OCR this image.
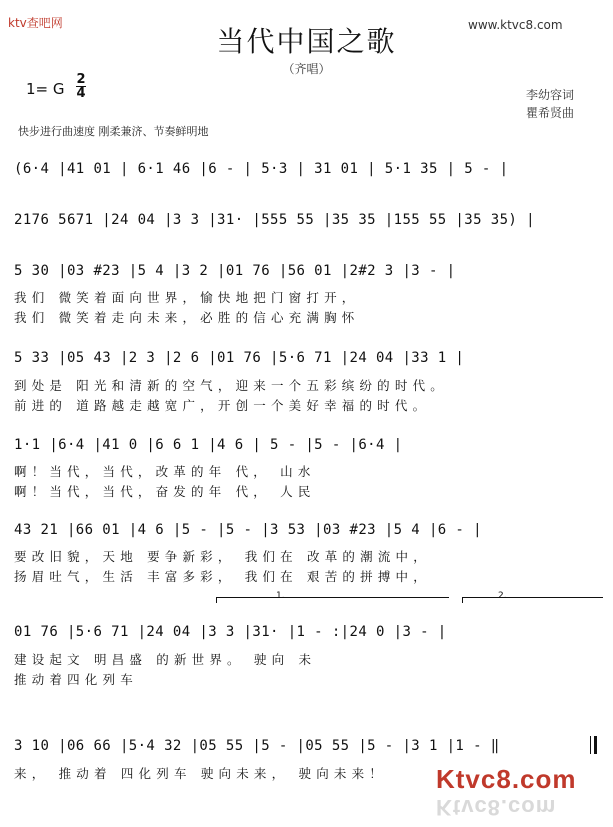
ktv查吧网	www.ktvc8.com
当代中国之歌
（齐唱）
1= G
2
4	李幼容词
瞿希贤曲
快步进行曲速度 刚柔兼济、节奏鲜明地
(6·4 |41 01 | 6·1 46 |6 - | 5·3 | 31 01 | 5·1 35 | 5 - |
2176 5671 |24 04 |3 3 |31· |555 55 |35 35 |155 55 |35 35) |
5 30 |03 #23 |5 4 |3 2 |01 76 |56 01 |2#2 3 |3 - |
我们 微笑着面向世界，愉快地把门窗打开，
我们 微笑着走向未来，必胜的信心充满胸怀
5 33 |05 43 |2 3 |2 6 |01 76 |5·6 71 |24 04 |33 1 |
到处是 阳光和清新的空气，迎来一个五彩缤纷的时代。
前进的 道路越走越宽广，开创一个美好幸福的时代。
1·1 |6·4 |41 0 |6 6 1 |4 6 | 5 - |5 - |6·4 |
啊！当代，当代，改革的年 代， 山水
啊！当代，当代，奋发的年 代， 人民
43 21 |66 01 |4 6 |5 - |5 - |3 53 |03 #23 |5 4 |6 - |
要改旧貌，天地 要争新彩， 我们在 改革的潮流中，
扬眉吐气，生活 丰富多彩， 我们在 艰苦的拼搏中，
1.	2.
01 76 |5·6 71 |24 04 |3 3 |31· |1 - :|24 0 |3 - |
建设起文 明昌盛 的新世界。 驶向 未
推动着四化列车
3 10 |06 66 |5·4 32 |05 55 |5 - |05 55 |5 - |3 1 |1 - ‖
来， 推动着 四化列车 驶向未来， 驶向未来！	Ktvc8.com
Ktvc8.com
